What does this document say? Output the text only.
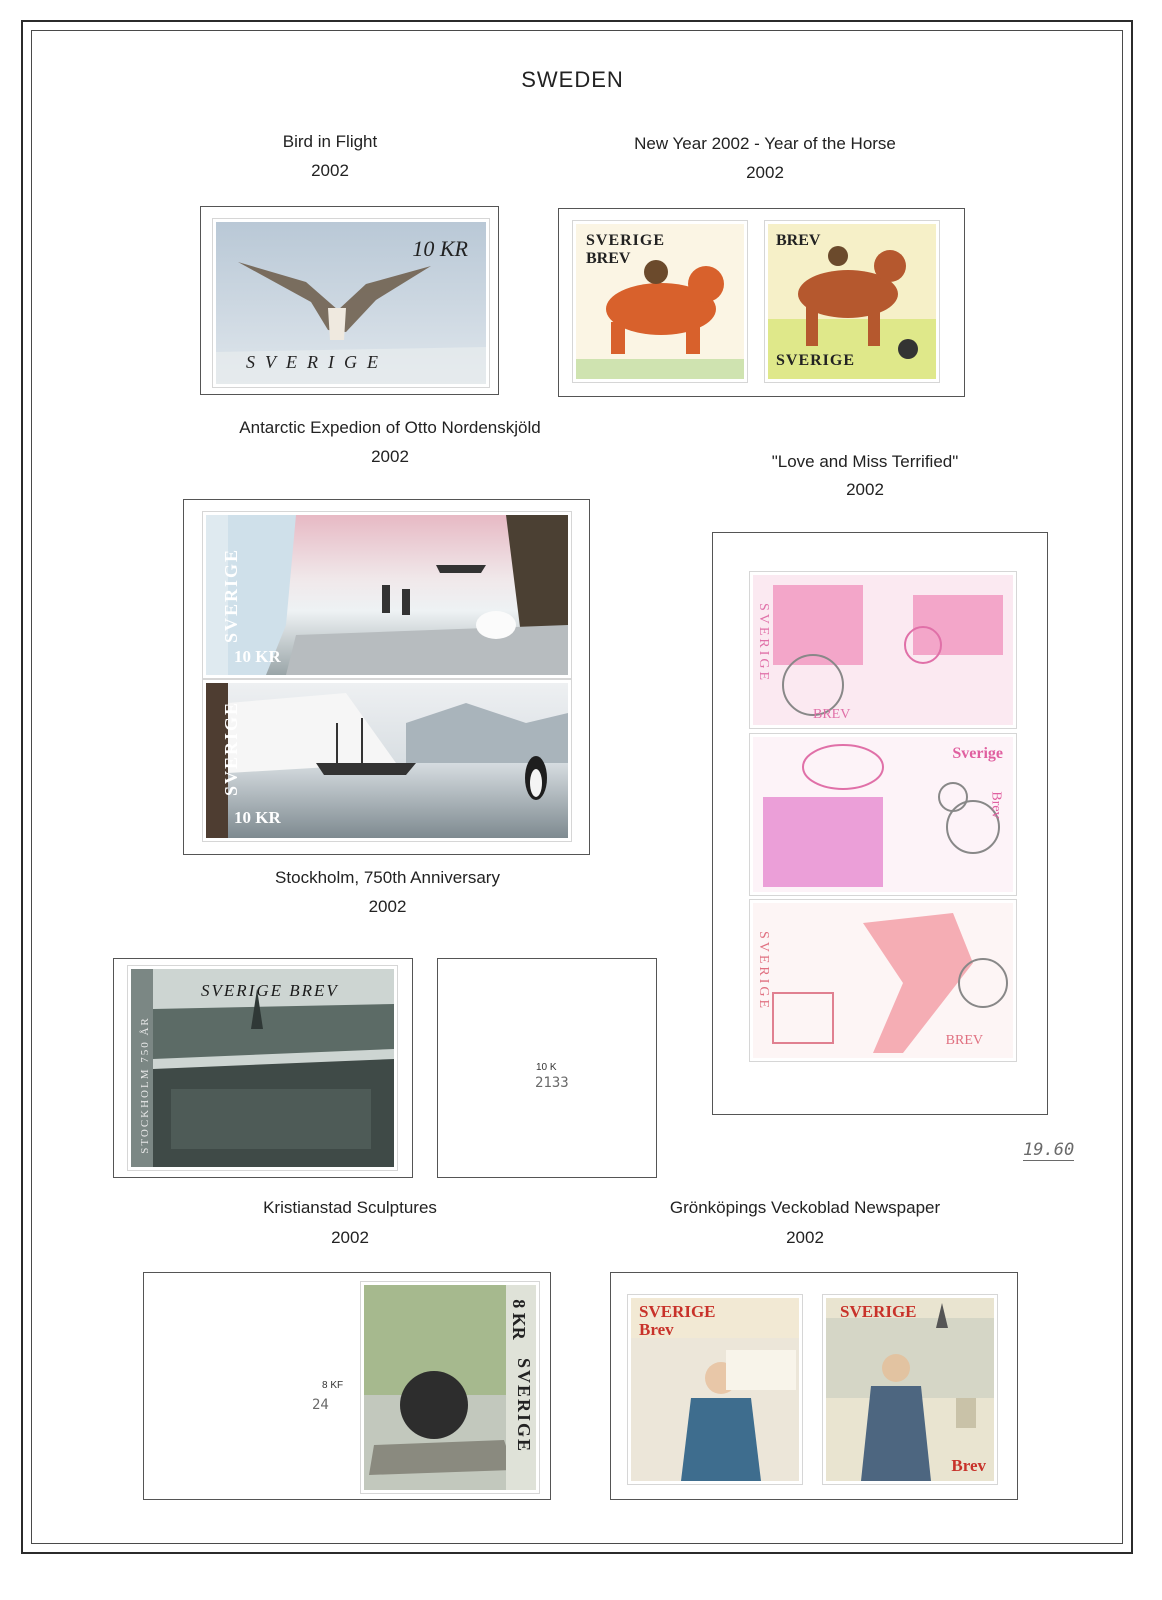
SWEDEN
Bird in Flight
2002
10 KR
SVERIGE
New Year 2002 - Year of the Horse
2002
SVERIGE
BREV
BREV
SVERIGE
Antarctic Expedion of Otto Nordenskjöld
2002
SVERIGE
10 KR
SVERIGE
10 KR
"Love and Miss Terrified"
2002
SVERIGE
BREV
Sverige
Brev
SVERIGE
BREV
19.60
Stockholm, 750th Anniversary
2002
SVERIGE BREV
STOCKHOLM 750 ÅR	10 K
2133
Kristianstad Sculptures
2002
8 KF
24
8 KR
SVERIGE
Grönköpings Veckoblad Newspaper
2002
SVERIGE
Brev
SVERIGE
Brev
